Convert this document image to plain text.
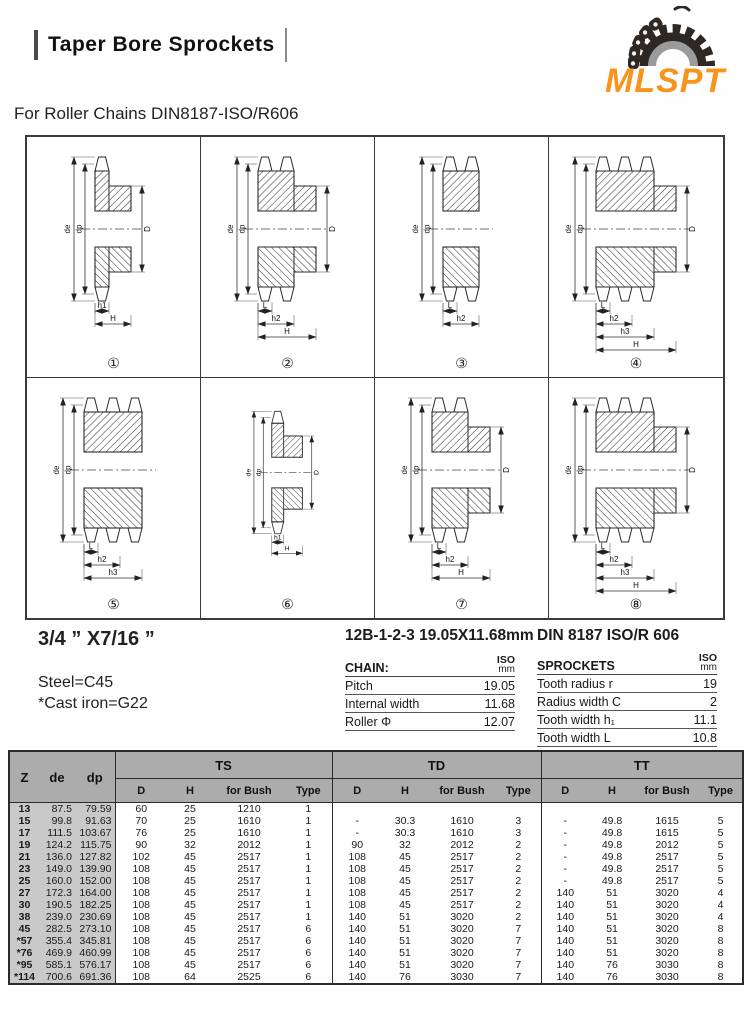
Taper Bore Sprockets
MLSPT
For Roller Chains DIN8187-ISO/R606
de dp	D
h1
H
①
de dp	D
L
h2
H
②
de dp
L
h2
③
de dp	D
L
h2
h3
H
④
de dp
L
h2
h3
⑤
de dp	D
h1
H
⑥
de dp	D
L
h2
H
⑦
de dp	D
L
h2
h3
H
⑧
3/4 ” X7/16 ”
Steel=C45
*Cast iron=G22
12B-1-2-3 19.05X11.68mm
CHAIN:
ISO
mm
Pitch	19.05
Internal width	11.68
Roller Φ	12.07
DIN 8187 ISO/R 606
SPROCKETS
ISO
mm
Tooth radius r	19
Radius width C	2
Tooth width h₁	11.1
Tooth width L	10.8
Z	de	dp	TS				TD				TT			
			D	H	for Bush	Type	D	H	for Bush	Type	D	H	for Bush	Type
13	87.5	79.59	60	25	1210	1								
15	99.8	91.63	70	25	1610	1	-	30.3	1610	3	-	49.8	1615	5
17	111.5	103.67	76	25	1610	1	-	30.3	1610	3	-	49.8	1615	5
19	124.2	115.75	90	32	2012	1	90	32	2012	2	-	49.8	2012	5
21	136.0	127.82	102	45	2517	1	108	45	2517	2	-	49.8	2517	5
23	149.0	139.90	108	45	2517	1	108	45	2517	2	-	49.8	2517	5
25	160.0	152.00	108	45	2517	1	108	45	2517	2	-	49.8	2517	5
27	172.3	164.00	108	45	2517	1	108	45	2517	2	140	51	3020	4
30	190.5	182.25	108	45	2517	1	108	45	2517	2	140	51	3020	4
38	239.0	230.69	108	45	2517	1	140	51	3020	2	140	51	3020	4
45	282.5	273.10	108	45	2517	6	140	51	3020	7	140	51	3020	8
*57	355.4	345.81	108	45	2517	6	140	51	3020	7	140	51	3020	8
*76	469.9	460.99	108	45	2517	6	140	51	3020	7	140	51	3020	8
*95	585.1	576.17	108	45	2517	6	140	51	3020	7	140	76	3030	8
*114	700.6	691.36	108	64	2525	6	140	76	3030	7	140	76	3030	8
